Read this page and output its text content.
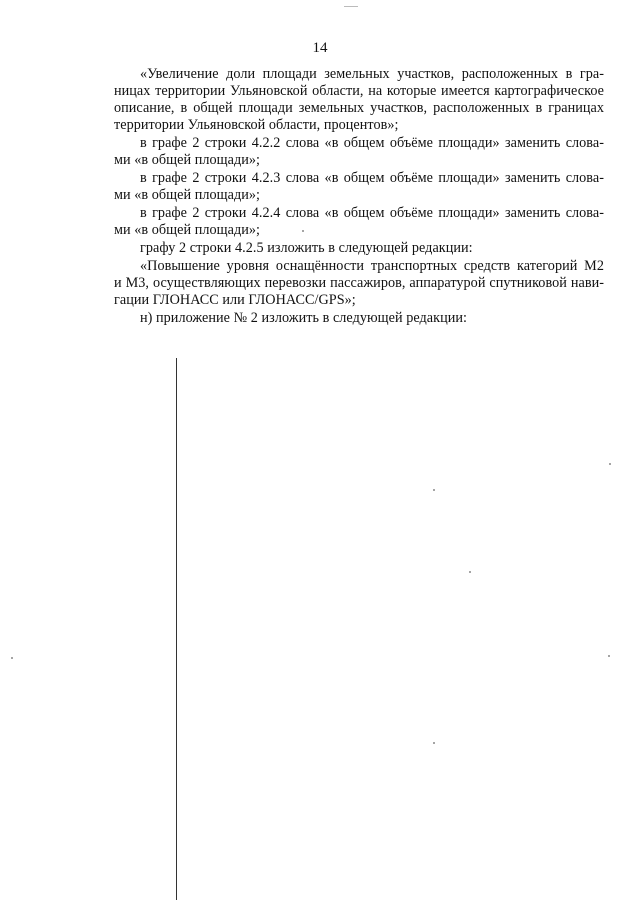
14
«Увеличение доли площади земельных участков, расположенных в гра-
ницах территории Ульяновской области, на которые имеется картографическое
описание, в общей площади земельных участков, расположенных в границах
территории Ульяновской области, процентов»;
в графе 2 строки 4.2.2 слова «в общем объёме площади» заменить слова-
ми «в общей площади»;
в графе 2 строки 4.2.3 слова «в общем объёме площади» заменить слова-
ми «в общей площади»;
в графе 2 строки 4.2.4 слова «в общем объёме площади» заменить слова-
ми «в общей площади»;
графу 2 строки 4.2.5 изложить в следующей редакции:
«Повышение уровня оснащённости транспортных средств категорий М2
и М3, осуществляющих перевозки пассажиров, аппаратурой спутниковой нави-
гации ГЛОНАСС или ГЛОНАСС/GPS»;
н) приложение № 2 изложить в следующей редакции:
